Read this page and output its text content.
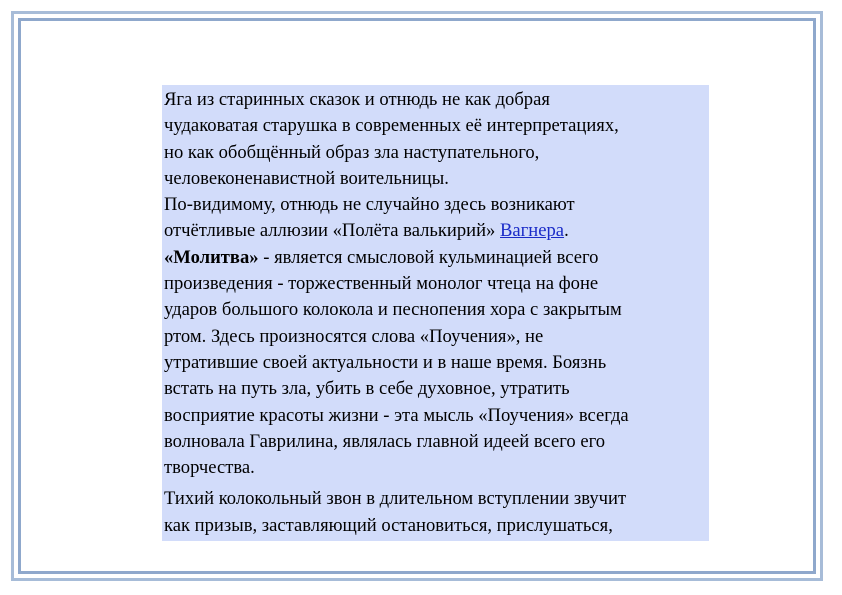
Яга из старинных сказок и отнюдь не как добрая
чудаковатая старушка в современных её интерпретациях,
но как обобщённый образ зла наступательного,
человеконенавистной воительницы.
По-видимому, отнюдь не случайно здесь возникают
отчётливые аллюзии «Полёта валькирий» Вагнера.
«Молитва» - является смысловой кульминацией всего
произведения - торжественный монолог чтеца на фоне
ударов большого колокола и песнопения хора с закрытым
ртом. Здесь произносятся слова «Поучения», не
утратившие своей актуальности и в наше время. Боязнь
встать на путь зла, убить в себе духовное, утратить
восприятие красоты жизни - эта мысль «Поучения» всегда
волновала Гаврилина, являлась главной идеей всего его
творчества.
Тихий колокольный звон в длительном вступлении звучит
как призыв, заставляющий остановиться, прислушаться,
